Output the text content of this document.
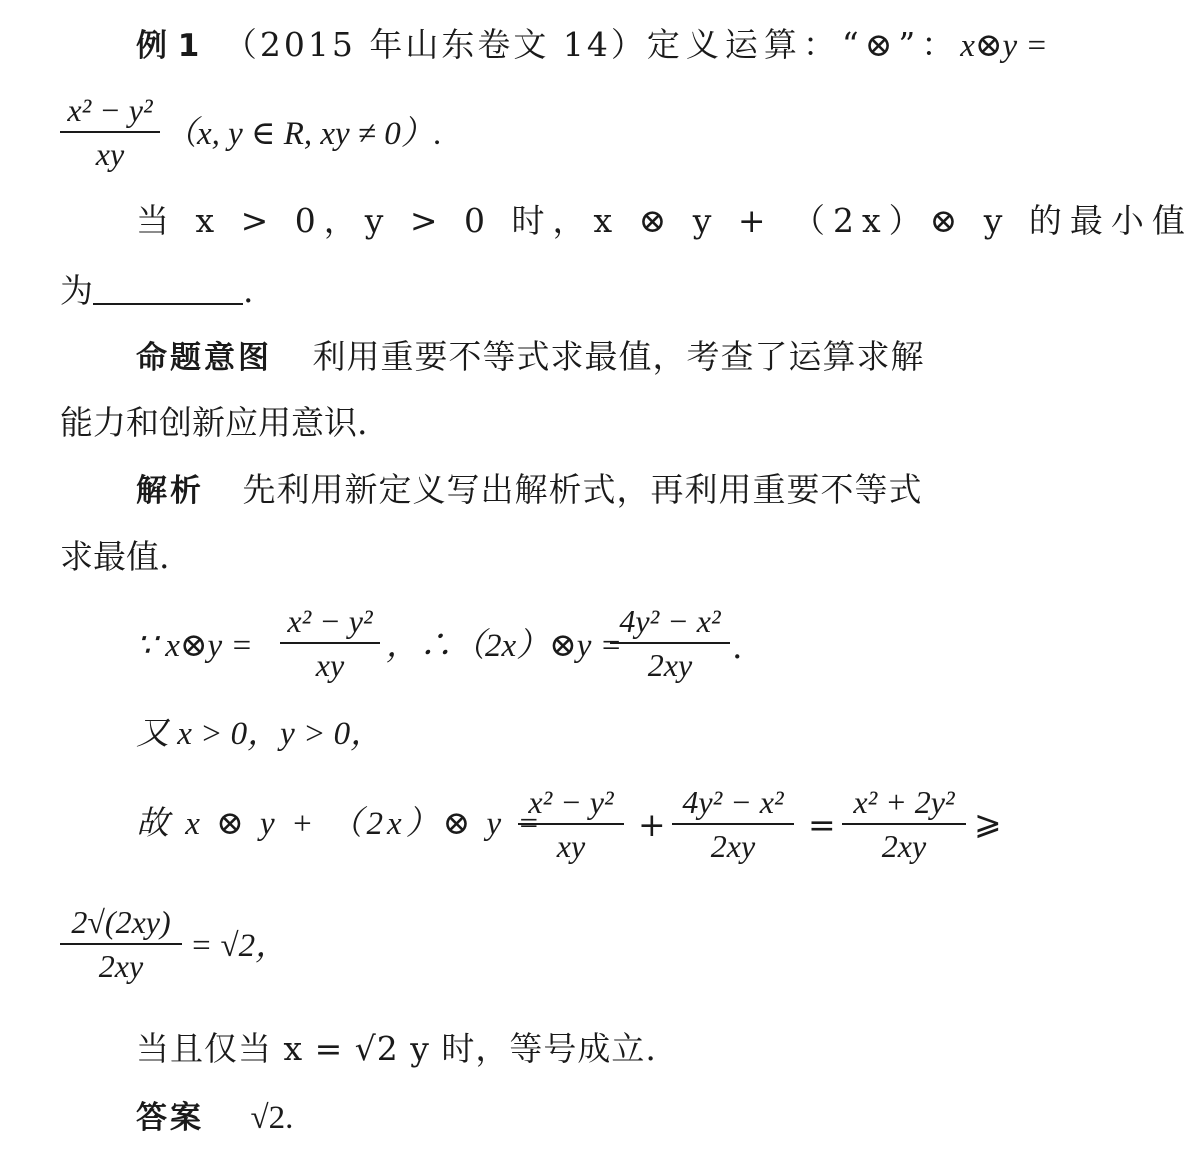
例 1 （2015 年山东卷文 14）定义运算：“⊗”：x⊗y =
x² − y²
xy
（x, y ∈ R, xy ≠ 0）.
当 x > 0，y > 0 时，x ⊗ y + （2x）⊗ y 的最小值
为	.
命题意图 利用重要不等式求最值，考查了运算求解
能力和创新应用意识.
解析 先利用新定义写出解析式，再利用重要不等式
求最值.
∵ x⊗y =
x² − y²
xy
，∴（2x）⊗y =
4y² − x²
2xy	.
又 x > 0，y > 0，
故 x ⊗ y + （2x）⊗ y =
x² − y²
xy
+
4y² − x²
2xy
=
x² + 2y²
2xy
⩾
2√(2xy)
2xy
= √2，
当且仅当 x = √2 y 时，等号成立.
答案 √2.
